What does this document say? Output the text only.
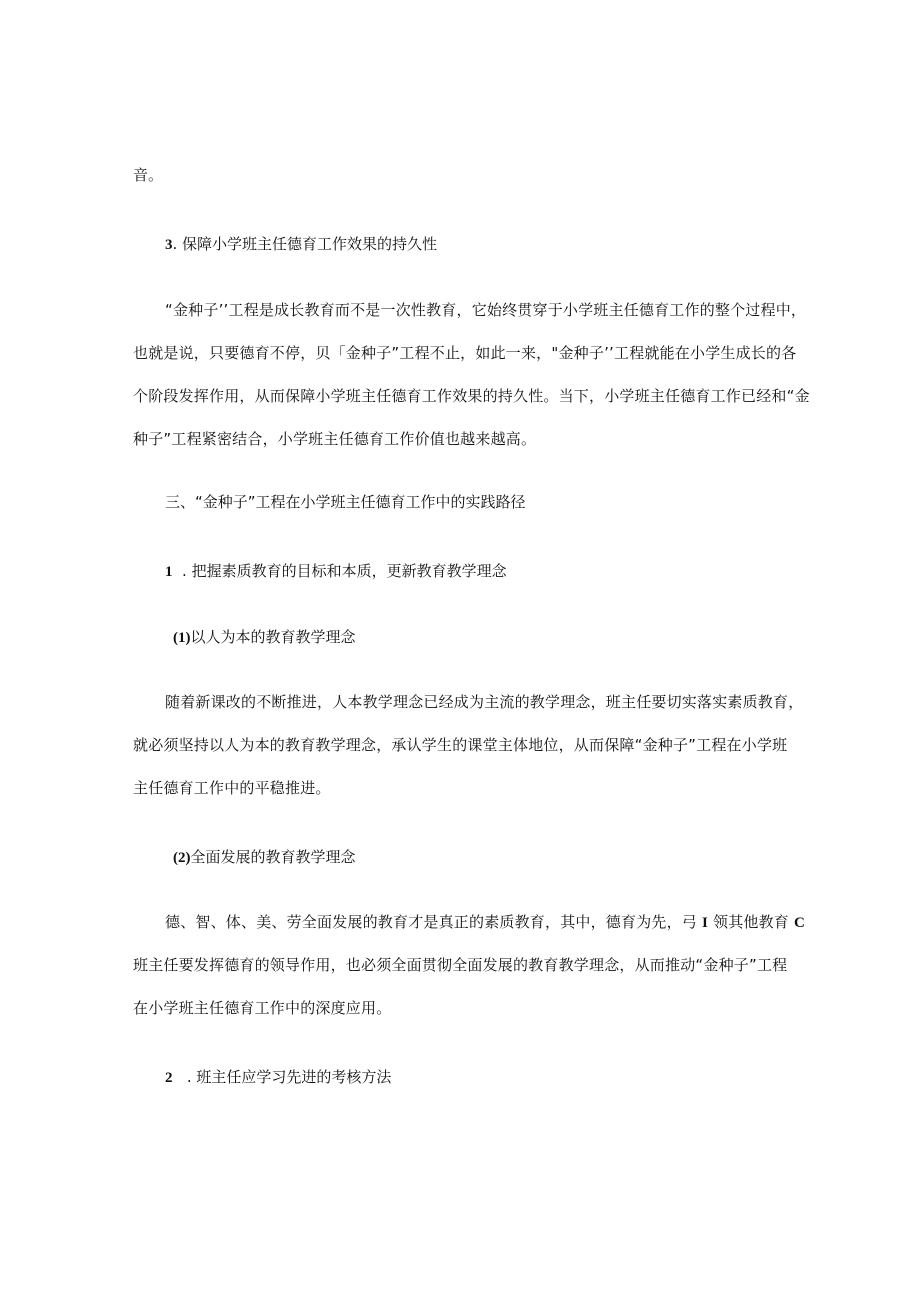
音。
3. 保障小学班主任德育工作效果的持久性
“金种子’’工程是成长教育而不是一次性教育，它始终贯穿于小学班主任德育工作的整个过程中，
也就是说，只要德育不停，贝「金种子”工程不止，如此一来，"金种子’’工程就能在小学生成长的各
个阶段发挥作用，从而保障小学班主任德育工作效果的持久性。当下，小学班主任德育工作已经和“金
种子”工程紧密结合，小学班主任德育工作价值也越来越高。
三、“金种子”工程在小学班主任德育工作中的实践路径
1 . 把握素质教育的目标和本质，更新教育教学理念
(1)以人为本的教育教学理念
随着新课改的不断推进，人本教学理念已经成为主流的教学理念，班主任要切实落实素质教育，
就必须坚持以人为本的教育教学理念，承认学生的课堂主体地位，从而保障“金种子”工程在小学班
主任德育工作中的平稳推进。
(2)全面发展的教育教学理念
德、智、体、美、劳全面发展的教育才是真正的素质教育，其中，德育为先，弓 I 领其他教育 C
班主任要发挥德育的领导作用，也必须全面贯彻全面发展的教育教学理念，从而推动“金种子”工程
在小学班主任德育工作中的深度应用。
2 . 班主任应学习先进的考核方法
